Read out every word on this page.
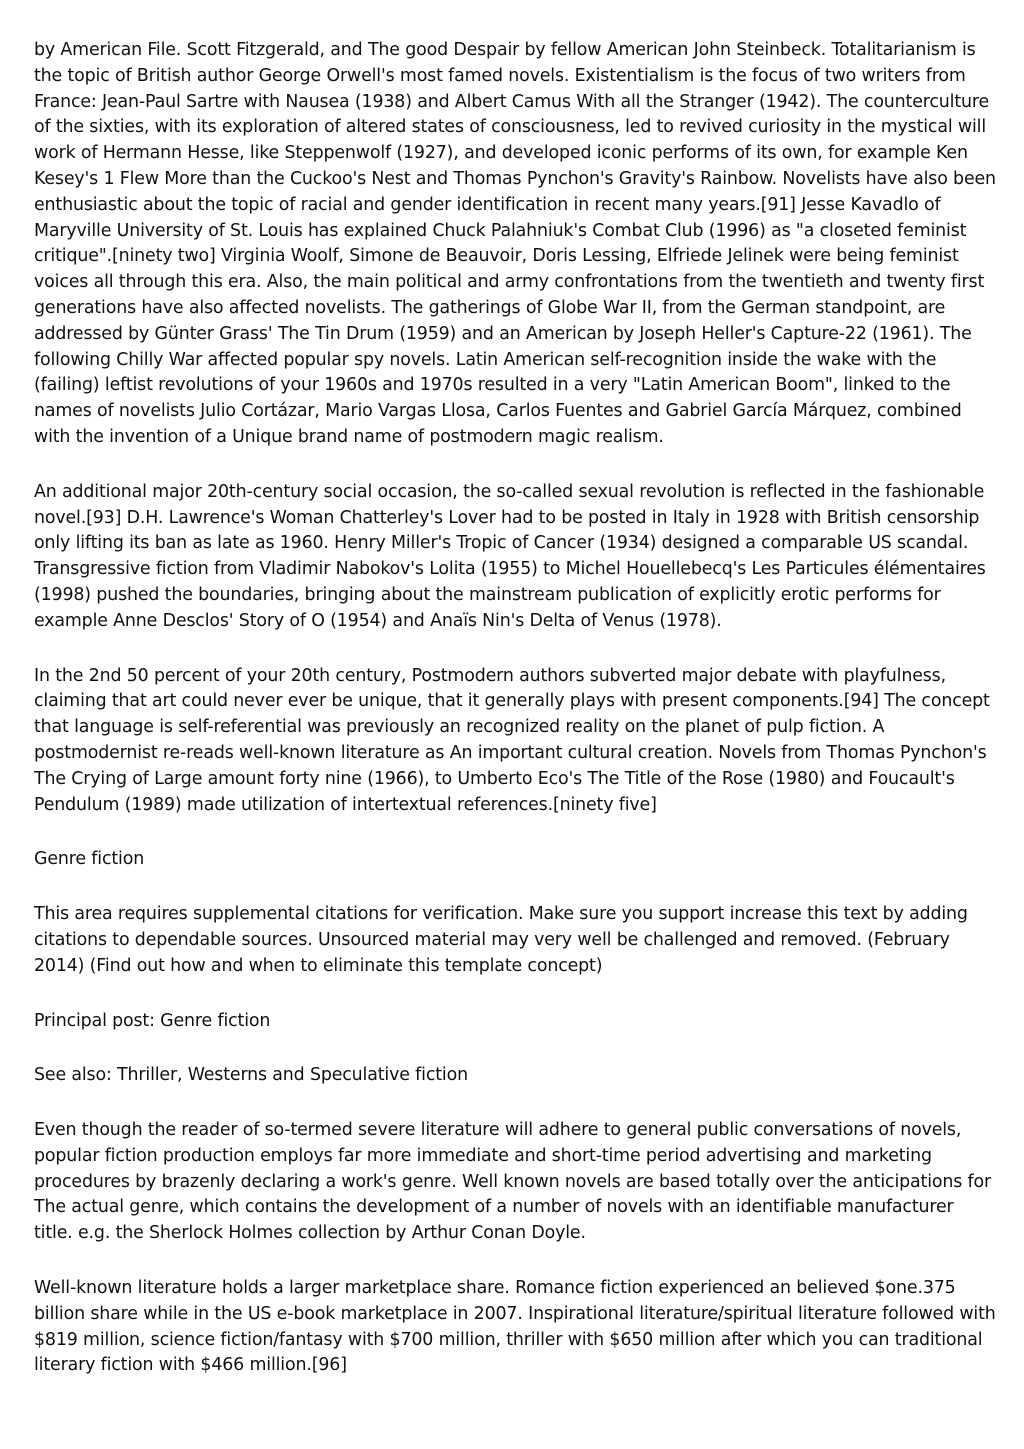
by American File. Scott Fitzgerald, and The good Despair by fellow American John Steinbeck. Totalitarianism is the topic of British author George Orwell's most famed novels. Existentialism is the focus of two writers from France: Jean-Paul Sartre with Nausea (1938) and Albert Camus With all the Stranger (1942). The counterculture of the sixties, with its exploration of altered states of consciousness, led to revived curiosity in the mystical will work of Hermann Hesse, like Steppenwolf (1927), and developed iconic performs of its own, for example Ken Kesey's 1 Flew More than the Cuckoo's Nest and Thomas Pynchon's Gravity's Rainbow. Novelists have also been enthusiastic about the topic of racial and gender identification in recent many years.[91] Jesse Kavadlo of Maryville University of St. Louis has explained Chuck Palahniuk's Combat Club (1996) as "a closeted feminist critique".[ninety two] Virginia Woolf, Simone de Beauvoir, Doris Lessing, Elfriede Jelinek were being feminist voices all through this era. Also, the main political and army confrontations from the twentieth and twenty first generations have also affected novelists. The gatherings of Globe War II, from the German standpoint, are addressed by Günter Grass' The Tin Drum (1959) and an American by Joseph Heller's Capture-22 (1961). The following Chilly War affected popular spy novels. Latin American self-recognition inside the wake with the (failing) leftist revolutions of your 1960s and 1970s resulted in a very "Latin American Boom", linked to the names of novelists Julio Cortázar, Mario Vargas Llosa, Carlos Fuentes and Gabriel García Márquez, combined with the invention of a Unique brand name of postmodern magic realism.

An additional major 20th-century social occasion, the so-called sexual revolution is reflected in the fashionable novel.[93] D.H. Lawrence's Woman Chatterley's Lover had to be posted in Italy in 1928 with British censorship only lifting its ban as late as 1960. Henry Miller's Tropic of Cancer (1934) designed a comparable US scandal. Transgressive fiction from Vladimir Nabokov's Lolita (1955) to Michel Houellebecq's Les Particules élémentaires (1998) pushed the boundaries, bringing about the mainstream publication of explicitly erotic performs for example Anne Desclos' Story of O (1954) and Anaïs Nin's Delta of Venus (1978).

In the 2nd 50 percent of your 20th century, Postmodern authors subverted major debate with playfulness, claiming that art could never ever be unique, that it generally plays with present components.[94] The concept that language is self-referential was previously an recognized reality on the planet of pulp fiction. A postmodernist re-reads well-known literature as An important cultural creation. Novels from Thomas Pynchon's The Crying of Large amount forty nine (1966), to Umberto Eco's The Title of the Rose (1980) and Foucault's Pendulum (1989) made utilization of intertextual references.[ninety five]

Genre fiction

This area requires supplemental citations for verification. Make sure you support increase this text by adding citations to dependable sources. Unsourced material may very well be challenged and removed. (February 2014) (Find out how and when to eliminate this template concept)

Principal post: Genre fiction

See also: Thriller, Westerns and Speculative fiction

Even though the reader of so-termed severe literature will adhere to general public conversations of novels, popular fiction production employs far more immediate and short-time period advertising and marketing procedures by brazenly declaring a work's genre. Well known novels are based totally over the anticipations for The actual genre, which contains the development of a number of novels with an identifiable manufacturer title. e.g. the Sherlock Holmes collection by Arthur Conan Doyle.

Well-known literature holds a larger marketplace share. Romance fiction experienced an believed $one.375 billion share while in the US e-book marketplace in 2007. Inspirational literature/spiritual literature followed with $819 million, science fiction/fantasy with $700 million, thriller with $650 million after which you can traditional literary fiction with $466 million.[96]
